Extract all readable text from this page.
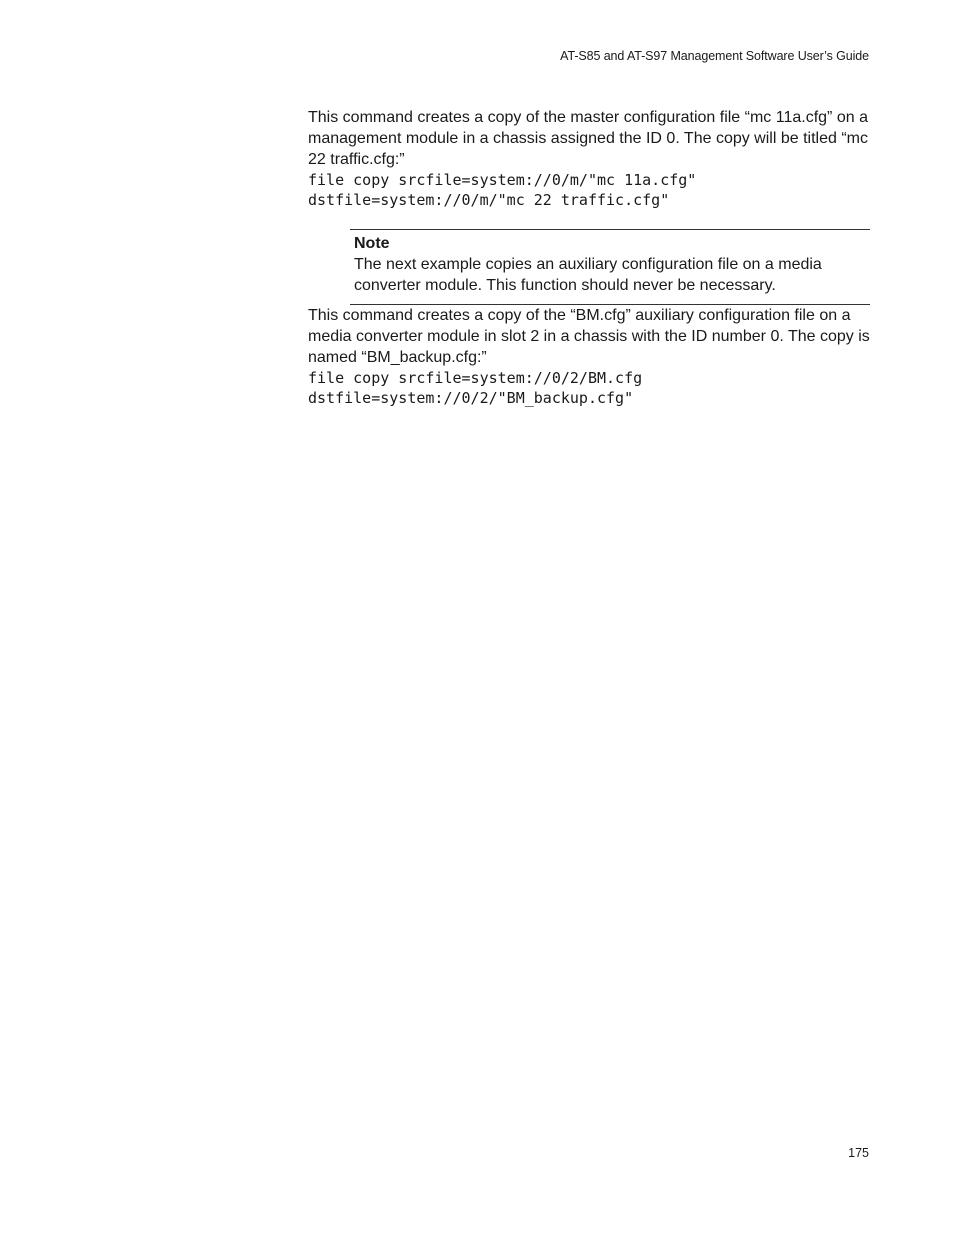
AT-S85 and AT-S97 Management Software User’s Guide

This command creates a copy of the master configuration file “mc 11a.cfg” on a management module in a chassis assigned the ID 0. The copy will be titled “mc 22 traffic.cfg:”

file copy srcfile=system://0/m/"mc 11a.cfg"
dstfile=system://0/m/"mc 22 traffic.cfg"
Note
The next example copies an auxiliary configuration file on a media converter module. This function should never be necessary.

This command creates a copy of the “BM.cfg” auxiliary configuration file on a media converter module in slot 2 in a chassis with the ID number 0. The copy is named “BM_backup.cfg:”

file copy srcfile=system://0/2/BM.cfg
dstfile=system://0/2/"BM_backup.cfg"
175
